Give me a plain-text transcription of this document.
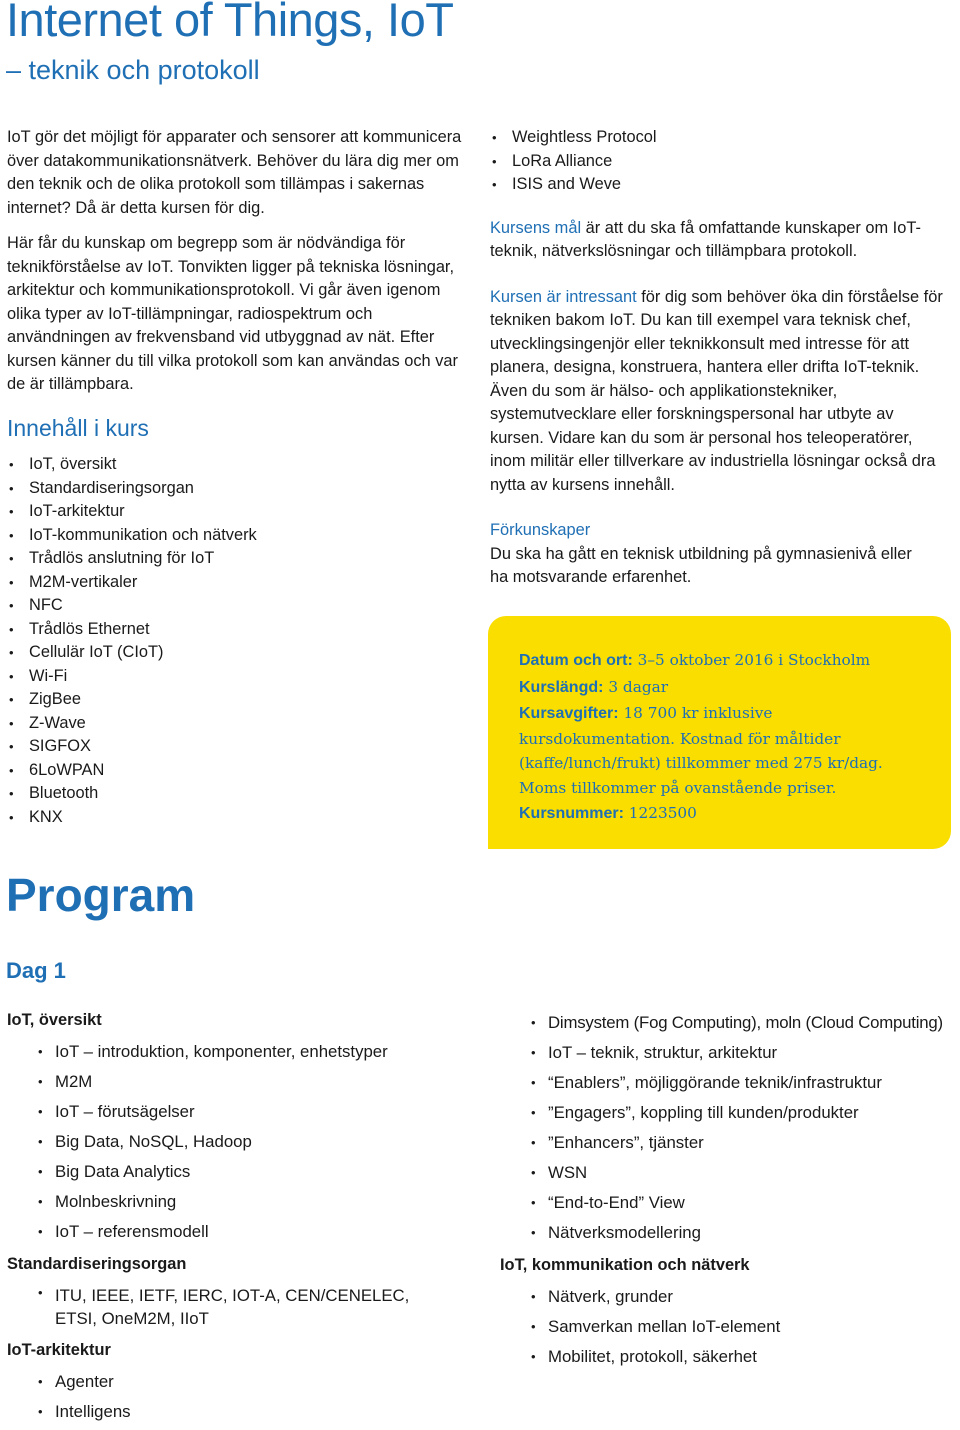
Internet of Things, IoT
– teknik och protokoll

IoT gör det möjligt för apparater och sensorer att kommunicera över datakommunikationsnätverk. Behöver du lära dig mer om den teknik och de olika protokoll som tillämpas i sakernas internet? Då är detta kursen för dig.

Här får du kunskap om begrepp som är nödvändiga för teknikförståelse av IoT. Tonvikten ligger på tekniska lösningar, arkitektur och kommunikationsprotokoll. Vi går även igenom olika typer av IoT-tillämpningar, radiospektrum och användningen av frekvensband vid utbyggnad av nät. Efter kursen känner du till vilka protokoll som kan användas och var de är tillämpbara.

Innehåll i kurs

• IoT, översikt
• Standardiseringsorgan
• IoT-arkitektur
• IoT-kommunikation och nätverk
• Trådlös anslutning för IoT
• M2M-vertikaler
• NFC
• Trådlös Ethernet
• Cellulär IoT (CIoT)
• Wi-Fi
• ZigBee
• Z-Wave
• SIGFOX
• 6LoWPAN
• Bluetooth
• KNX
• Weightless Protocol
• LoRa Alliance
• ISIS and Weve

Kursens mål är att du ska få omfattande kunskaper om IoT-teknik, nätverkslösningar och tillämpbara protokoll.

Kursen är intressant för dig som behöver öka din förståelse för tekniken bakom IoT. Du kan till exempel vara teknisk chef, utvecklingsingenjör eller teknikkonsult med intresse för att planera, designa, konstruera, hantera eller drifta IoT-teknik. Även du som är hälso- och applikationstekniker, systemutvecklare eller forskningspersonal har utbyte av kursen. Vidare kan du som är personal hos teleoperatörer, inom militär eller tillverkare av industriella lösningar också dra nytta av kursens innehåll.

Förkunskaper

Du ska ha gått en teknisk utbildning på gymnasienivå eller ha motsvarande erfarenhet.

Datum och ort: 3–5 oktober 2016 i Stockholm
Kurslängd: 3 dagar
Kursavgifter: 18 700 kr inklusive kursdokumentation. Kostnad för måltider (kaffe/lunch/frukt) tillkommer med 275 kr/dag. Moms tillkommer på ovanstående priser.
Kursnummer: 1223500
Program
Dag 1

IoT, översikt

• IoT – introduktion, komponenter, enhetstyper
• M2M
• IoT – förutsägelser
• Big Data, NoSQL, Hadoop
• Big Data Analytics
• Molnbeskrivning
• IoT – referensmodell

Standardiseringsorgan

• ITU, IEEE, IETF, IERC, IOT-A, CEN/CENELEC, ETSI, OneM2M, IIoT

IoT-arkitektur

• Agenter
• Intelligens
• Dimsystem (Fog Computing), moln (Cloud Computing)
• IoT – teknik, struktur, arkitektur
• “Enablers”, möjliggörande teknik/infrastruktur
• ”Engagers”, koppling till kunden/produkter
• ”Enhancers”, tjänster
• WSN
• “End-to-End” View
• Nätverksmodellering

IoT, kommunikation och nätverk

• Nätverk, grunder
• Samverkan mellan IoT-element
• Mobilitet, protokoll, säkerhet
